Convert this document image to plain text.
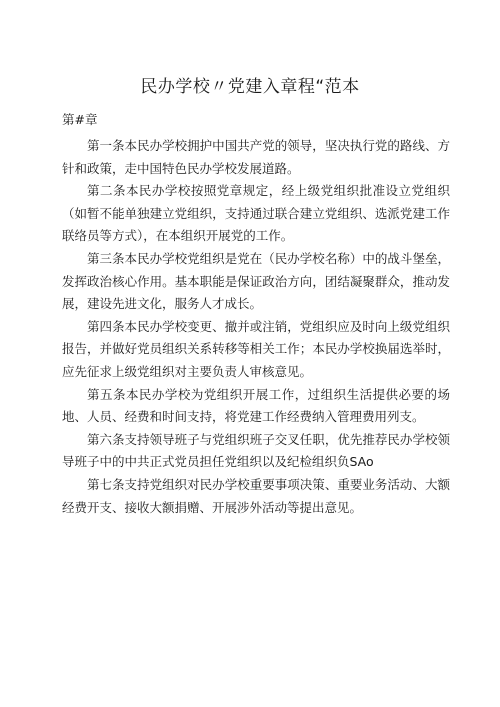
民办学校〃党建入章程“范本

第#章

第一条本民办学校拥护中国共产党的领导，坚决执行党的路线、方针和政策，走中国特色民办学校发展道路。

第二条本民办学校按照党章规定，经上级党组织批准设立党组织（如暂不能单独建立党组织，支持通过联合建立党组织、选派党建工作联络员等方式），在本组织开展党的工作。

第三条本民办学校党组织是党在（民办学校名称）中的战斗堡垒，发挥政治核心作用。基本职能是保证政治方向，团结凝聚群众，推动发展，建设先进文化，服务人才成长。

第四条本民办学校变更、撤并或注销，党组织应及时向上级党组织报告，并做好党员组织关系转移等相关工作；本民办学校换届选举时，应先征求上级党组织对主要负责人审核意见。

第五条本民办学校为党组织开展工作，过组织生活提供必要的场地、人员、经费和时间支持，将党建工作经费纳入管理费用列支。

第六条支持领导班子与党组织班子交叉任职，优先推荐民办学校领导班子中的中共正式党员担任党组织以及纪检组织负SAo

第七条支持党组织对民办学校重要事项决策、重要业务活动、大额经费开支、接收大额捐赠、开展涉外活动等提出意见。
